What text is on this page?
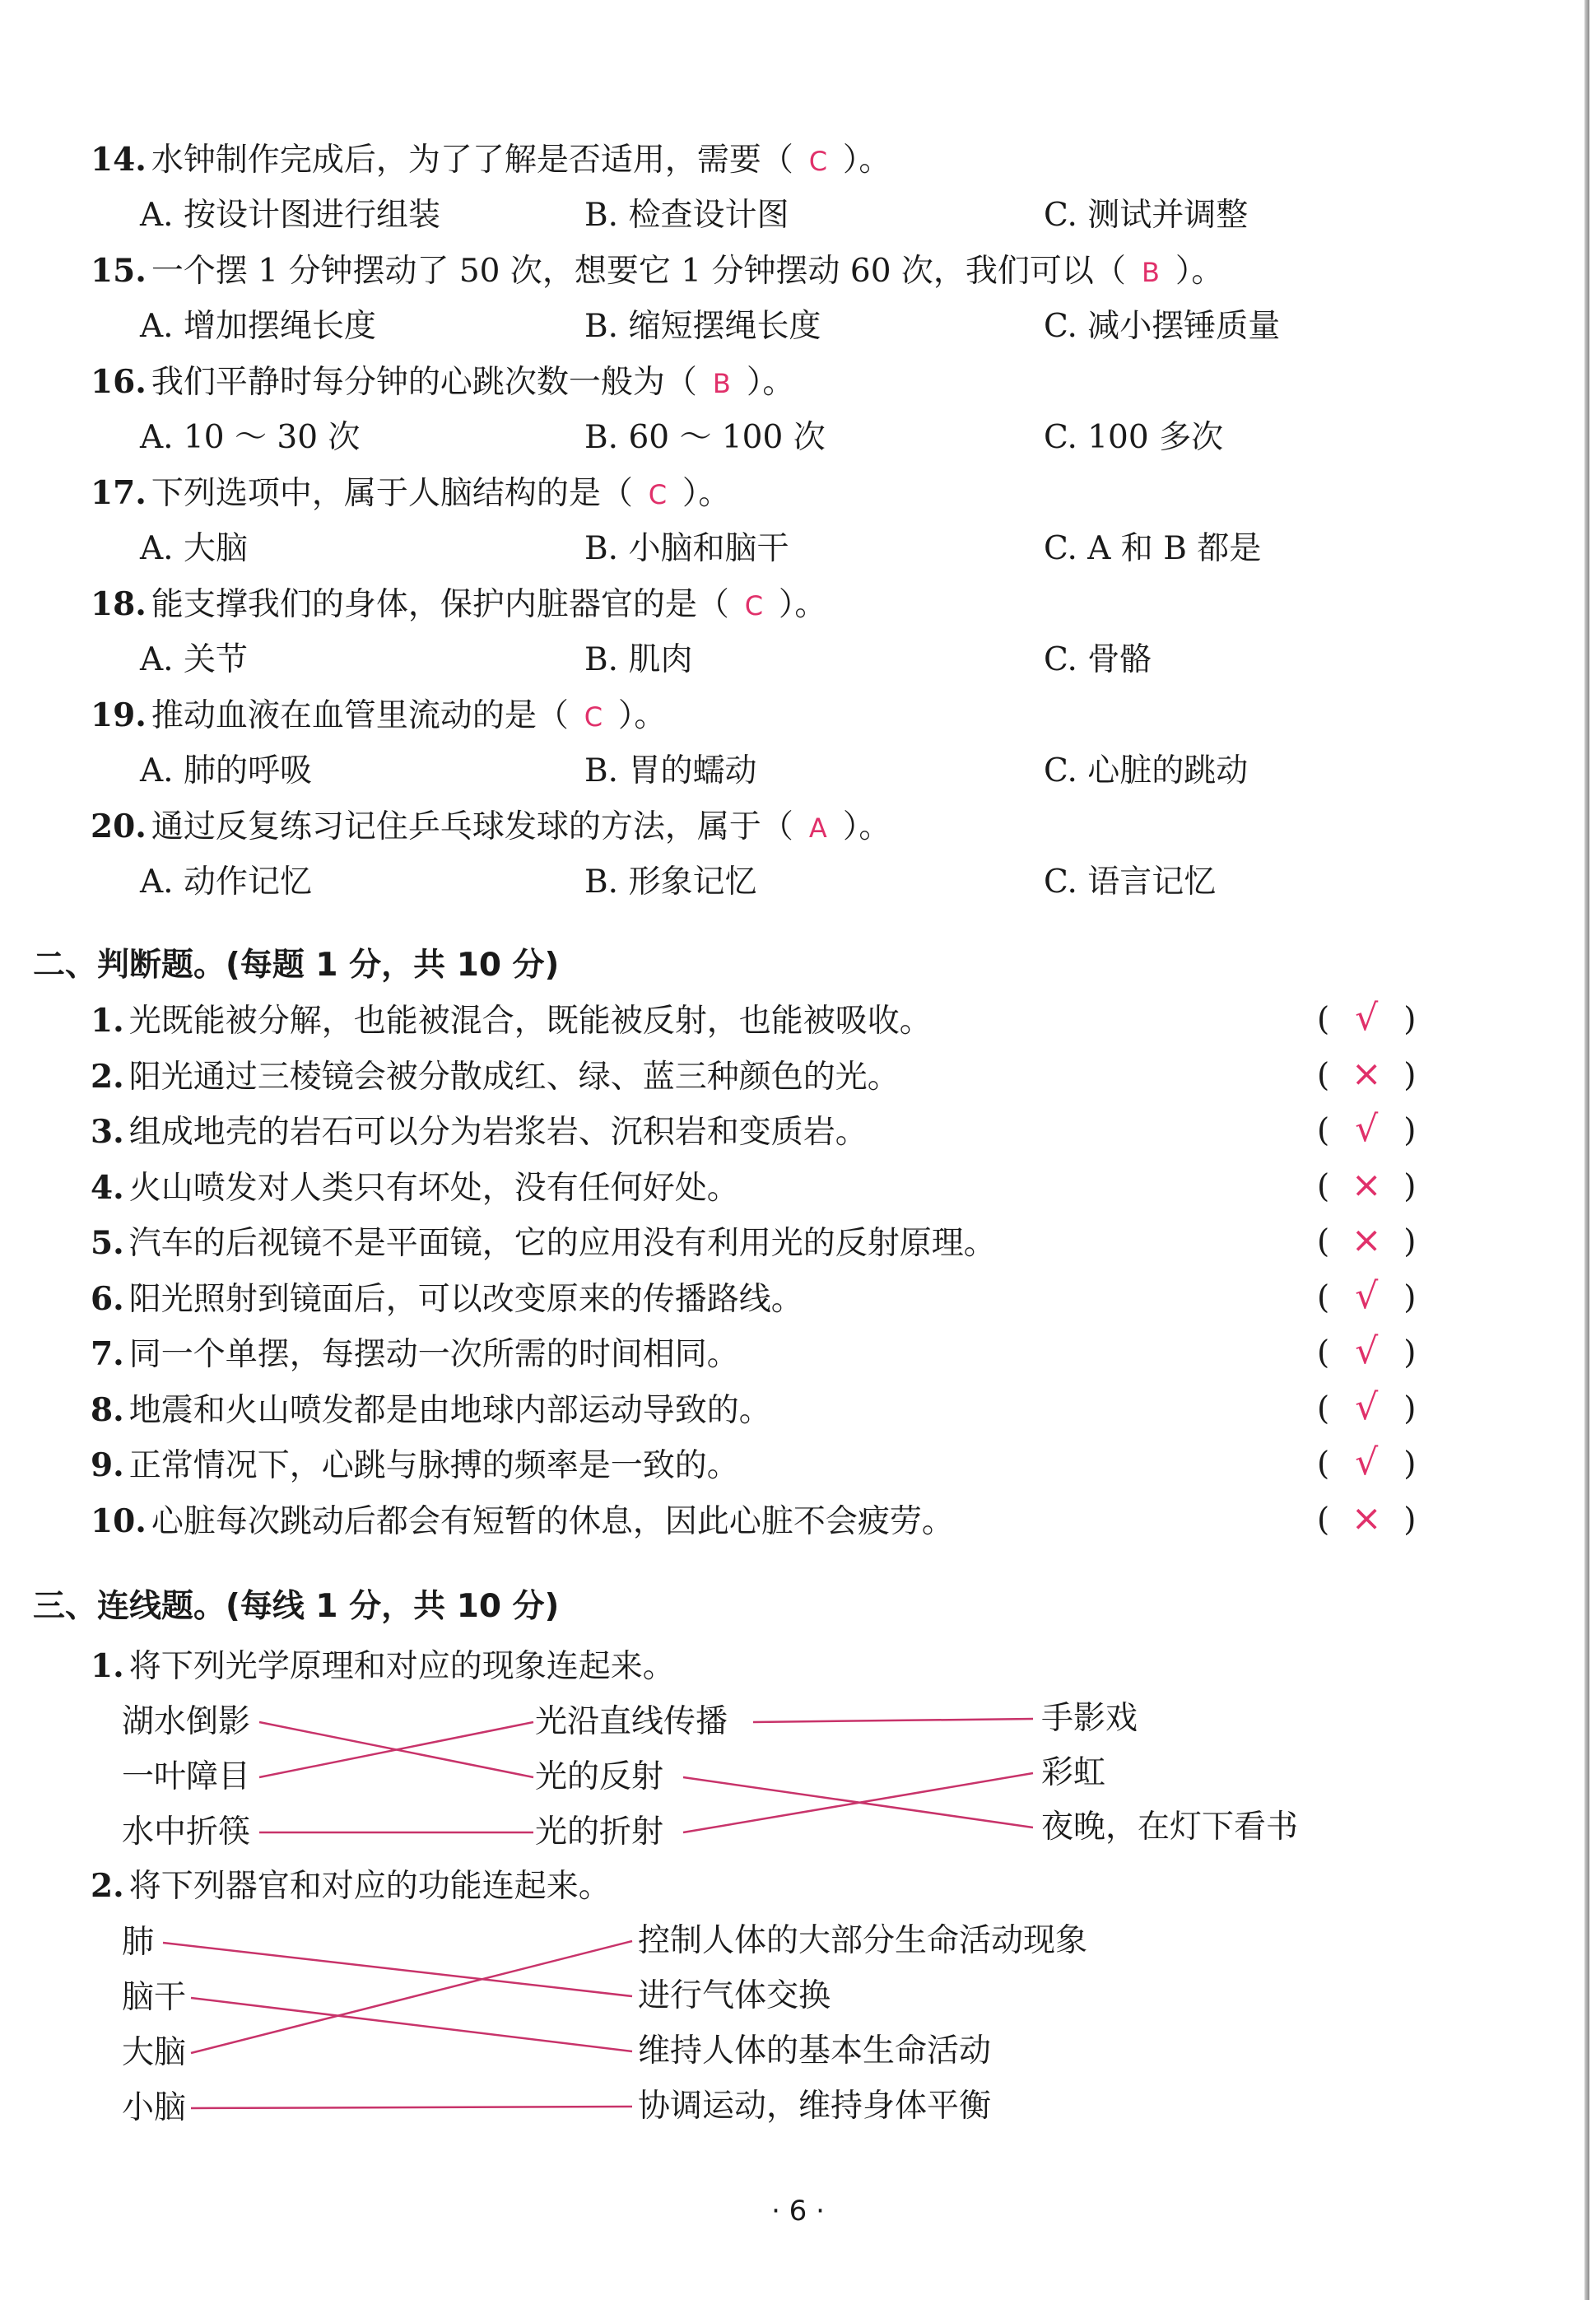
14. 水钟制作完成后，为了了解是否适用，需要（ C ）。
A. 按设计图进行组装	B. 检查设计图	C. 测试并调整
15. 一个摆 1 分钟摆动了 50 次，想要它 1 分钟摆动 60 次，我们可以（ B ）。
A. 增加摆绳长度	B. 缩短摆绳长度	C. 减小摆锤质量
16. 我们平静时每分钟的心跳次数一般为（ B ）。
A. 10 ～ 30 次	B. 60 ～ 100 次	C. 100 多次
17. 下列选项中，属于人脑结构的是（ C ）。
A. 大脑	B. 小脑和脑干	C. A 和 B 都是
18. 能支撑我们的身体，保护内脏器官的是（ C ）。
A. 关节	B. 肌肉	C. 骨骼
19. 推动血液在血管里流动的是（ C ）。
A. 肺的呼吸	B. 胃的蠕动	C. 心脏的跳动
20. 通过反复练习记住乒乓球发球的方法，属于（ A ）。
A. 动作记忆	B. 形象记忆	C. 语言记忆
二、判断题。(每题 1 分，共 10 分)
1. 光既能被分解，也能被混合，既能被反射，也能被吸收。	( √ )
2. 阳光通过三棱镜会被分散成红、绿、蓝三种颜色的光。	( × )
3. 组成地壳的岩石可以分为岩浆岩、沉积岩和变质岩。	( √ )
4. 火山喷发对人类只有坏处，没有任何好处。	( × )
5. 汽车的后视镜不是平面镜，它的应用没有利用光的反射原理。	( × )
6. 阳光照射到镜面后，可以改变原来的传播路线。	( √ )
7. 同一个单摆，每摆动一次所需的时间相同。	( √ )
8. 地震和火山喷发都是由地球内部运动导致的。	( √ )
9. 正常情况下，心跳与脉搏的频率是一致的。	( √ )
10. 心脏每次跳动后都会有短暂的休息，因此心脏不会疲劳。	( × )
三、连线题。(每线 1 分，共 10 分)
1. 将下列光学原理和对应的现象连起来。
湖水倒影
一叶障目
水中折筷
光沿直线传播
光的反射
光的折射
手影戏
彩虹
夜晚，在灯下看书
2. 将下列器官和对应的功能连起来。
肺
脑干
大脑
小脑
控制人体的大部分生命活动现象
进行气体交换
维持人体的基本生命活动
协调运动，维持身体平衡
· 6 ·
